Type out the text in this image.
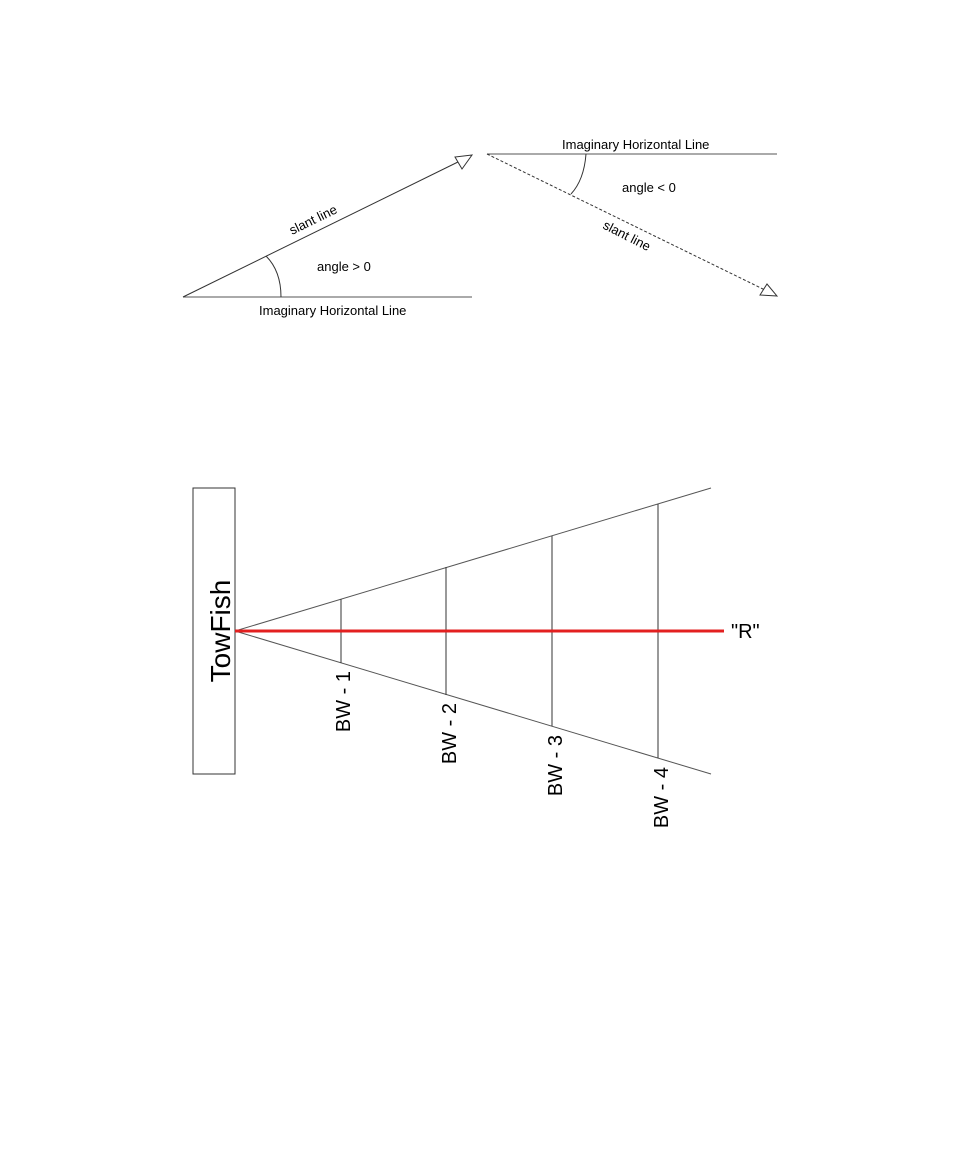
slant line
angle > 0
Imaginary Horizontal Line
Imaginary Horizontal Line
angle < 0
slant line
TowFish	"R"
BW - 1
BW - 2
BW - 3
BW - 4
